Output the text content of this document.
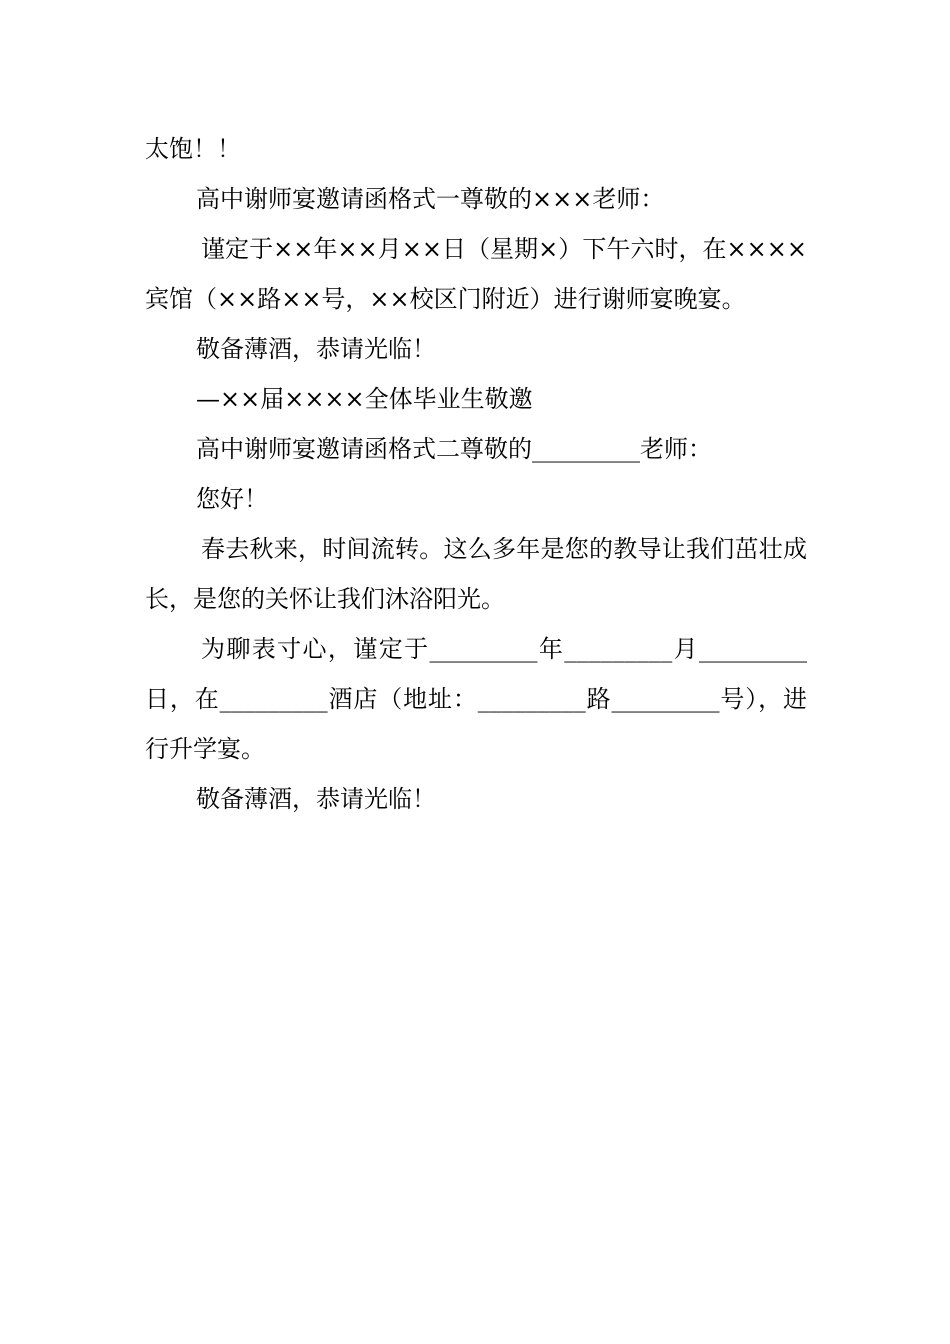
太饱！！

高中谢师宴邀请函格式一尊敬的×××老师：

谨定于××年××月××日（星期×）下午六时，在××××宾馆（××路××号，××校区门附近）进行谢师宴晚宴。

敬备薄酒，恭请光临！

—××届××××全体毕业生敬邀

高中谢师宴邀请函格式二尊敬的_________老师：

您好！

春去秋来，时间流转。这么多年是您的教导让我们茁壮成长，是您的关怀让我们沐浴阳光。

为聊表寸心，谨定于_________年_________月_________日，在_________酒店（地址：_________路_________号），进行升学宴。

敬备薄酒，恭请光临！
